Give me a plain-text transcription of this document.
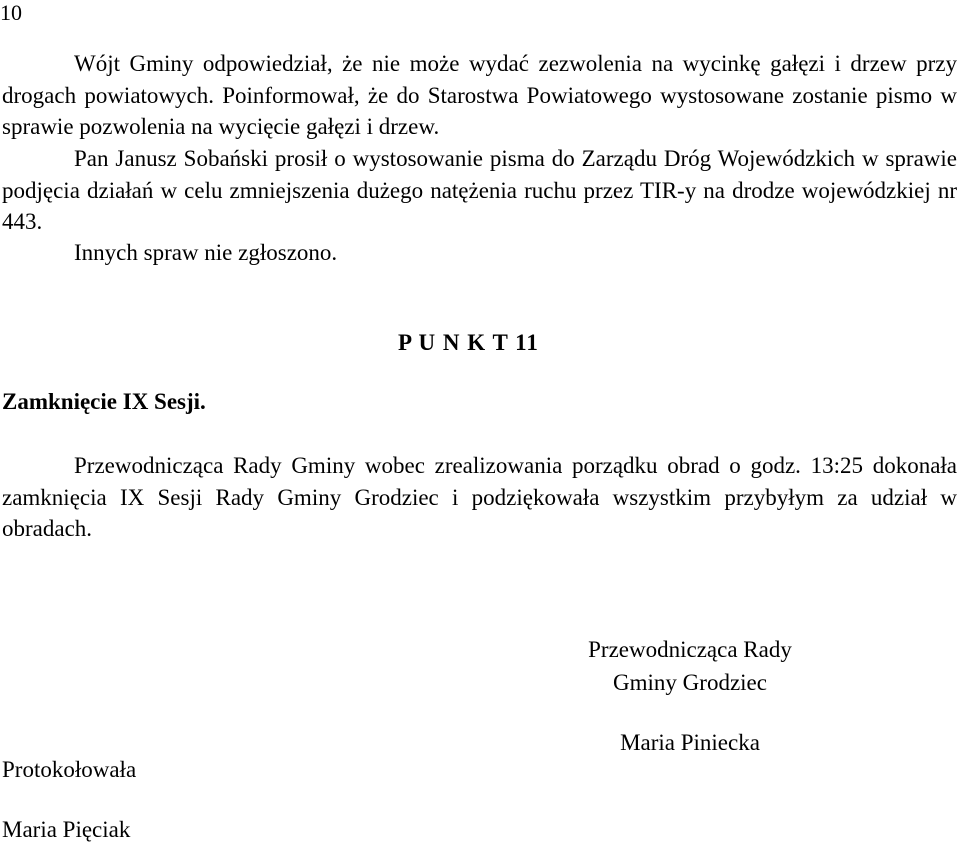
10
Wójt Gminy odpowiedział, że nie może wydać zezwolenia na wycinkę gałęzi i drzew przy drogach powiatowych. Poinformował, że do Starostwa Powiatowego wystosowane zostanie pismo w sprawie pozwolenia na wycięcie gałęzi i drzew.
Pan Janusz Sobański prosił o wystosowanie pisma do Zarządu Dróg Wojewódzkich w sprawie podjęcia działań w celu zmniejszenia dużego natężenia ruchu przez TIR-y na drodze wojewódzkiej nr 443.
Innych spraw nie zgłoszono.
P U N K T 11
Zamknięcie IX Sesji.
Przewodnicząca Rady Gminy wobec zrealizowania porządku obrad o godz. 13:25 dokonała zamknięcia IX Sesji Rady Gminy Grodziec i podziękowała wszystkim przybyłym za udział w obradach.
Przewodnicząca Rady
Gminy Grodziec
Maria Piniecka
Protokołowała
Maria Pięciak
